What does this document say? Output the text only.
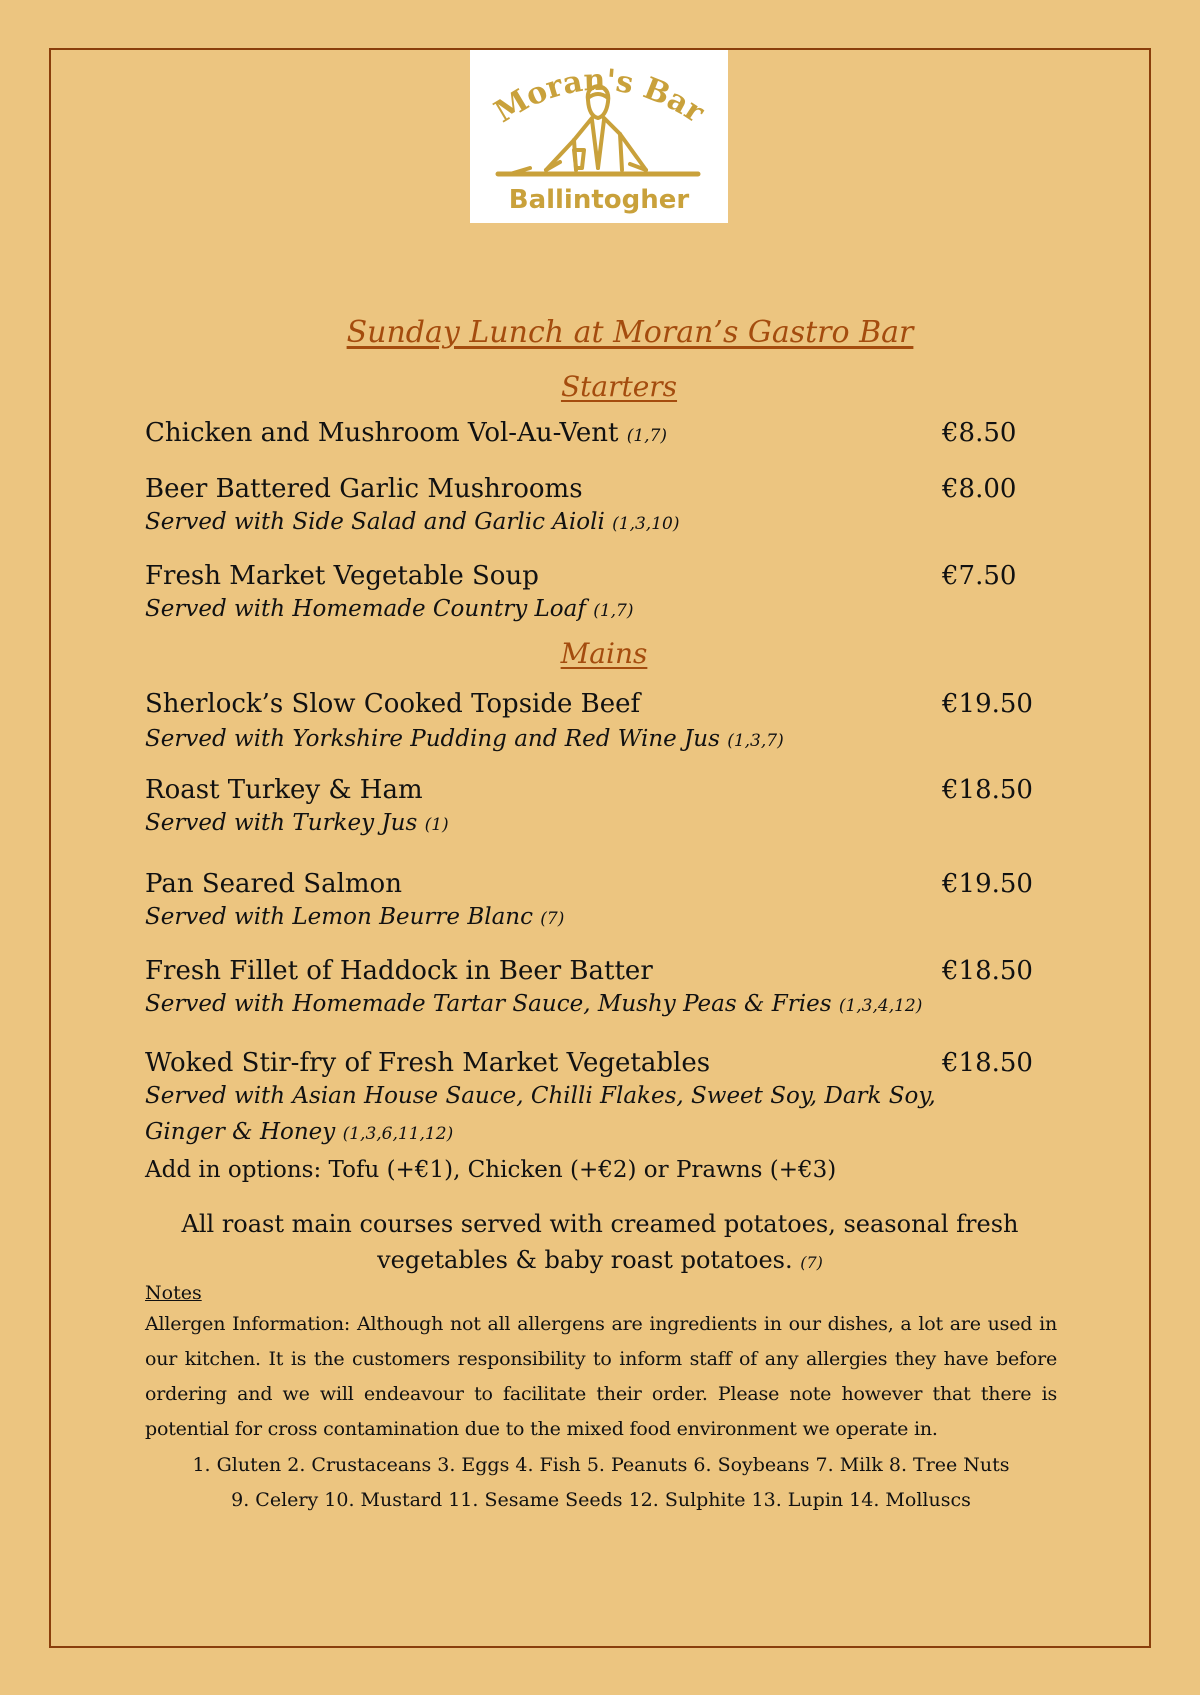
Moran's Bar
Ballintogher
Sunday Lunch at Moran’s Gastro Bar
Starters
Chicken and Mushroom Vol-Au-Vent (1,7)	€8.50
Beer Battered Garlic Mushrooms	€8.00
Served with Side Salad and Garlic Aioli (1,3,10)
Fresh Market Vegetable Soup	€7.50
Served with Homemade Country Loaf (1,7)
Mains
Sherlock’s Slow Cooked Topside Beef	€19.50
Served with Yorkshire Pudding and Red Wine Jus (1,3,7)
Roast Turkey & Ham	€18.50
Served with Turkey Jus (1)
Pan Seared Salmon	€19.50
Served with Lemon Beurre Blanc (7)
Fresh Fillet of Haddock in Beer Batter	€18.50
Served with Homemade Tartar Sauce, Mushy Peas & Fries (1,3,4,12)
Woked Stir-fry of Fresh Market Vegetables	€18.50
Served with Asian House Sauce, Chilli Flakes, Sweet Soy, Dark Soy,
Ginger & Honey (1,3,6,11,12)
Add in options: Tofu (+€1), Chicken (+€2) or Prawns (+€3)
All roast main courses served with creamed potatoes, seasonal fresh
vegetables & baby roast potatoes. (7)
Notes
Allergen Information: Although not all allergens are ingredients in our dishes, a lot are used in our kitchen. It is the customers responsibility to inform staff of any allergies they have before ordering and we will endeavour to facilitate their order. Please note however that there is potential for cross contamination due to the mixed food environment we operate in.
1. Gluten 2. Crustaceans 3. Eggs 4. Fish 5. Peanuts 6. Soybeans 7. Milk 8. Tree Nuts
9. Celery 10. Mustard 11. Sesame Seeds 12. Sulphite 13. Lupin 14. Molluscs
